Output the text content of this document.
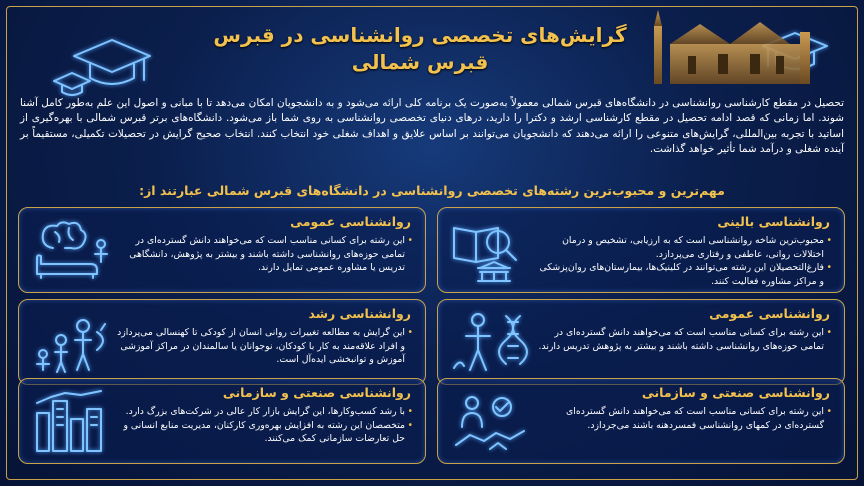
گرایش‌های تخصصی روانشناسی در قبرس
قبرس شمالی

تحصیل در مقطع کارشناسی روانشناسی در دانشگاه‌های قبرس شمالی معمولاً به‌صورت یک برنامه کلی ارائه می‌شود و به دانشجویان امکان می‌دهد تا با مبانی و اصول این علم به‌طور کامل آشنا شوند. اما زمانی که قصد ادامه تحصیل در مقطع کارشناسی ارشد و دکترا را دارید، درهای دنیای تخصصی روانشناسی به روی شما باز می‌شود. دانشگاه‌های برتر قبرس شمالی با بهره‌گیری از اساتید با تجربه بین‌المللی، گرایش‌های متنوعی را ارائه می‌دهند که دانشجویان می‌توانند بر اساس علایق و اهداف شغلی خود انتخاب کنند. انتخاب صحیح گرایش در تحصیلات تکمیلی، مستقیماً بر آینده شغلی و درآمد شما تأثیر خواهد گذاشت.

مهم‌ترین و محبوب‌ترین رشته‌های تخصصی روانشناسی در دانشگاه‌های قبرس شمالی عبارتند از:
روانشناسی بالینی
• محبوب‌ترین شاخه روانشناسی است که به ارزیابی، تشخیص و درمان اختلالات روانی، عاطفی و رفتاری می‌پردازد.
• فارغ‌التحصیلان این رشته می‌توانند در کلینیک‌ها، بیمارستان‌های روان‌پزشکی و مراکز مشاوره فعالیت کنند.
روانشناسی عمومی
• این رشته برای کسانی مناسب است که می‌خواهند دانش گسترده‌ای در تمامی حوزه‌های روانشناسی داشته باشند و بیشتر به پژوهش، دانشگاهی تدریس یا مشاوره عمومی تمایل دارند.
روانشناسی عمومی
• این رشته برای کسانی مناسب است که می‌خواهند دانش گسترده‌ای در تمامی حوزه‌های روانشناسی داشته باشند و بیشتر به پژوهش تدریس دارند.
روانشناسی رشد
• این گرایش به مطالعه تغییرات روانی انسان از کودکی تا کهنسالی می‌پردازد و افراد علاقه‌مند به کار با کودکان، نوجوانان یا سالمندان در مراکز آموزشی آموزش و توانبخشی ایده‌آل است.
روانشناسی صنعتی و سازمانی
• این رشته برای کسانی مناسب است که می‌خواهند دانش گسترده‌ای گسترده‌ای در کمهای روانشناسی فمسردهنه باشند می‌جردازد.
روانشناسی صنعتی و سازمانی
• با رشد کسب‌وکارها، این گرایش بازار کار عالی در شرکت‌های بزرگ دارد.
• متخصصان این رشته به افزایش بهره‌وری کارکنان، مدیریت منابع انسانی و حل تعارضات سازمانی کمک می‌کنند.
